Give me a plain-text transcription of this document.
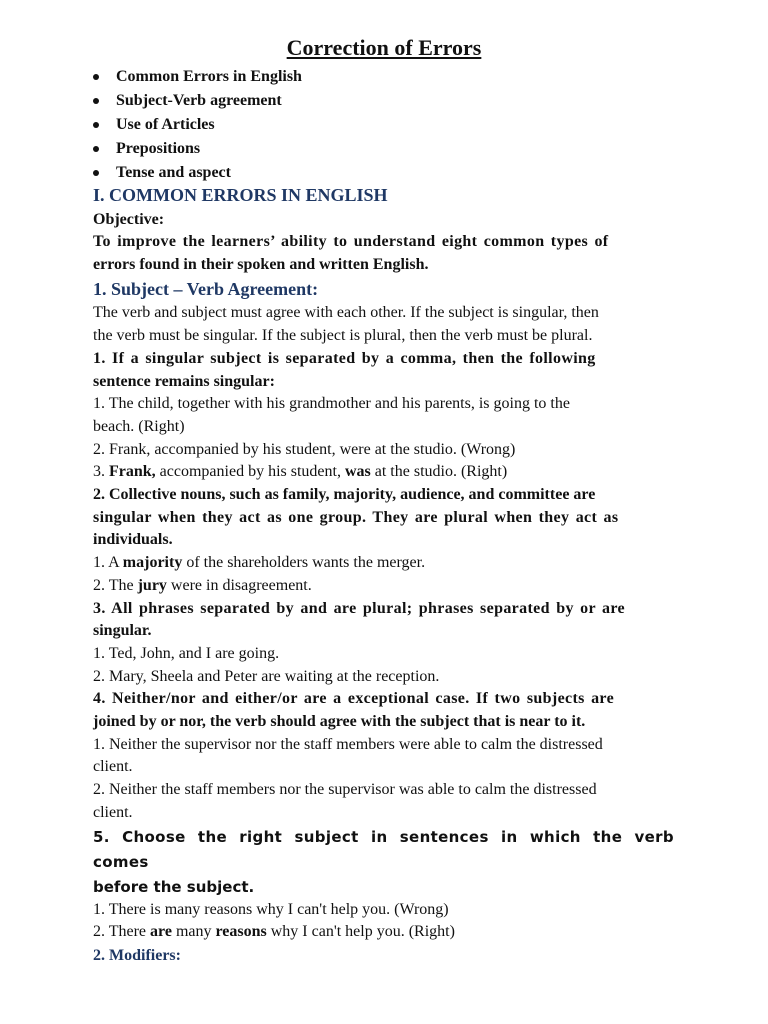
Correction of Errors
Common Errors in English
Subject-Verb agreement
Use of Articles
Prepositions
Tense and aspect

I. COMMON ERRORS IN ENGLISH

Objective:

To improve the learners’ ability to understand eight common types of

errors found in their spoken and written English.

1. Subject – Verb Agreement:

The verb and subject must agree with each other. If the subject is singular, then

the verb must be singular. If the subject is plural, then the verb must be plural.

1. If a singular subject is separated by a comma, then the following

sentence remains singular:

1. The child, together with his grandmother and his parents, is going to the

beach. (Right)

2. Frank, accompanied by his student, were at the studio. (Wrong)

3. Frank, accompanied by his student, was at the studio. (Right)

2. Collective nouns, such as family, majority, audience, and committee are

singular when they act as one group. They are plural when they act as

individuals.

1. A majority of the shareholders wants the merger.

2. The jury were in disagreement.

3. All phrases separated by and are plural; phrases separated by or are

singular.

1. Ted, John, and I are going.

2. Mary, Sheela and Peter are waiting at the reception.

4. Neither/nor and either/or are a exceptional case. If two subjects are

joined by or nor, the verb should agree with the subject that is near to it.

1. Neither the supervisor nor the staff members were able to calm the distressed

client.

2. Neither the staff members nor the supervisor was able to calm the distressed

client.

5. Choose the right subject in sentences in which the verb comes

before the subject.

1. There is many reasons why I can't help you. (Wrong)

2. There are many reasons why I can't help you. (Right)

2. Modifiers:
